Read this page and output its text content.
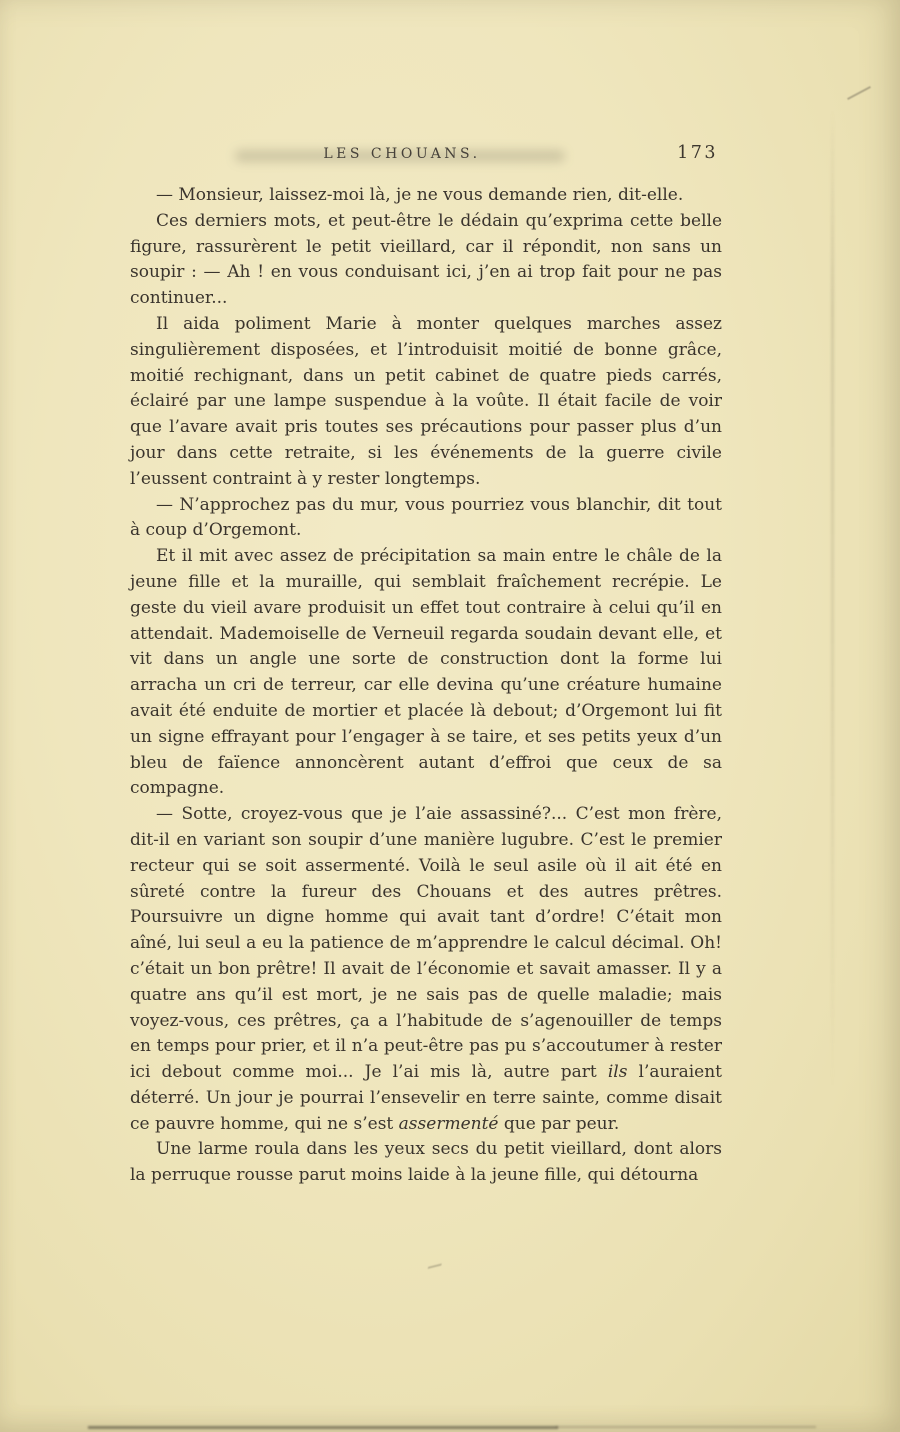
LES CHOUANS.	173

— Monsieur, laissez-moi là, je ne vous demande rien, dit-elle.

Ces derniers mots, et peut-être le dédain qu’exprima cette belle figure, rassurèrent le petit vieillard, car il répondit, non sans un soupir : — Ah ! en vous conduisant ici, j’en ai trop fait pour ne pas continuer...

Il aida poliment Marie à monter quelques marches assez singulièrement disposées, et l’introduisit moitié de bonne grâce, moitié rechignant, dans un petit cabinet de quatre pieds carrés, éclairé par une lampe suspendue à la voûte. Il était facile de voir que l’avare avait pris toutes ses précautions pour passer plus d’un jour dans cette retraite, si les événements de la guerre civile l’eussent contraint à y rester longtemps.

— N’approchez pas du mur, vous pourriez vous blanchir, dit tout à coup d’Orgemont.

Et il mit avec assez de précipitation sa main entre le châle de la jeune fille et la muraille, qui semblait fraîchement recrépie. Le geste du vieil avare produisit un effet tout contraire à celui qu’il en attendait. Mademoiselle de Verneuil regarda soudain devant elle, et vit dans un angle une sorte de construction dont la forme lui arracha un cri de terreur, car elle devina qu’une créature humaine avait été enduite de mortier et placée là debout; d’Orgemont lui fit un signe effrayant pour l’engager à se taire, et ses petits yeux d’un bleu de faïence annoncèrent autant d’effroi que ceux de sa compagne.

— Sotte, croyez-vous que je l’aie assassiné?... C’est mon frère, dit-il en variant son soupir d’une manière lugubre. C’est le premier recteur qui se soit assermenté. Voilà le seul asile où il ait été en sûreté contre la fureur des Chouans et des autres prêtres. Poursuivre un digne homme qui avait tant d’ordre! C’était mon aîné, lui seul a eu la patience de m’apprendre le calcul décimal. Oh! c’était un bon prêtre! Il avait de l’économie et savait amasser. Il y a quatre ans qu’il est mort, je ne sais pas de quelle maladie; mais voyez-vous, ces prêtres, ça a l’habitude de s’agenouiller de temps en temps pour prier, et il n’a peut-être pas pu s’accoutumer à rester ici debout comme moi... Je l’ai mis là, autre part ils l’auraient déterré. Un jour je pourrai l’ensevelir en terre sainte, comme disait ce pauvre homme, qui ne s’est assermenté que par peur.

Une larme roula dans les yeux secs du petit vieillard, dont alors la perruque rousse parut moins laide à la jeune fille, qui détourna
